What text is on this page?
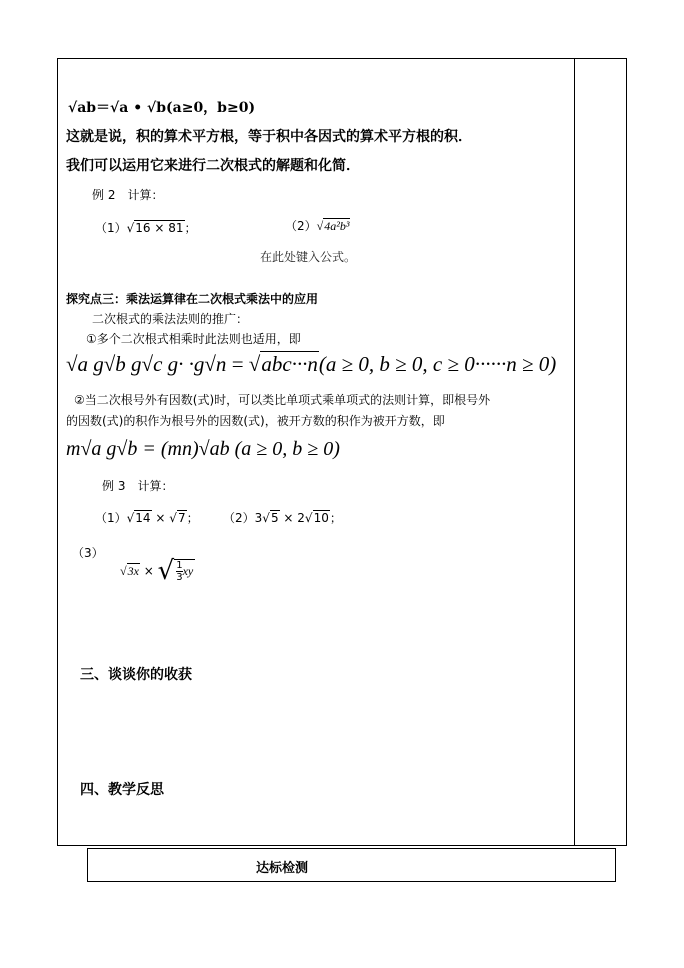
√ab＝√a • √b(a≥0，b≥0)
这就是说，积的算术平方根，等于积中各因式的算术平方根的积．
我们可以运用它来进行二次根式的解题和化简．
例 2　计算：
（1）√16 × 81；	（2）√4a²b³
在此处键入公式。
探究点三：乘法运算律在二次根式乘法中的应用
二次根式的乘法法则的推广：
①多个二次根式相乘时此法则也适用，即
√a g√b g√c g· ·g√n = √abc···n(a ≥ 0, b ≥ 0, c ≥ 0······n ≥ 0)
②当二次根号外有因数(式)时，可以类比单项式乘单项式的法则计算，即根号外
的因数(式)的积作为根号外的因数(式)，被开方数的积作为被开方数，即
m√a g√b = (mn)√ab (a ≥ 0, b ≥ 0)
例 3　计算：
（1）√14 × √7； （2）3√5 × 2√10；
（3）
√3x × √ $\frac{1}{3}$ xy
三、谈谈你的收获
四、教学反思
达标检测
